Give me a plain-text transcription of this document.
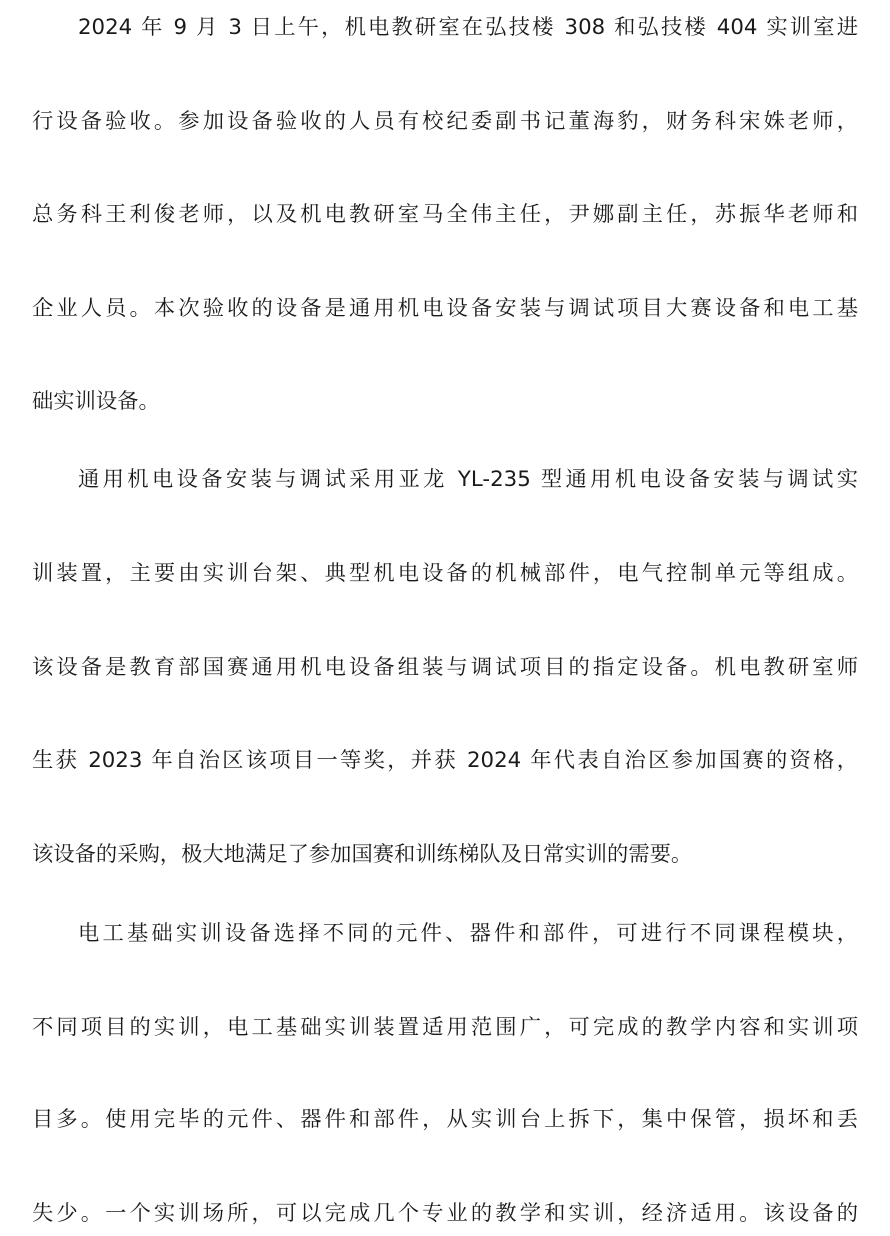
2024 年 9 月 3 日上午，机电教研室在弘技楼 308 和弘技楼 404 实训室进
行设备验收。参加设备验收的人员有校纪委副书记董海豹，财务科宋姝老师，
总务科王利俊老师，以及机电教研室马全伟主任，尹娜副主任，苏振华老师和
企业人员。本次验收的设备是通用机电设备安装与调试项目大赛设备和电工基
础实训设备。
通用机电设备安装与调试采用亚龙 YL-235 型通用机电设备安装与调试实
训装置，主要由实训台架、典型机电设备的机械部件，电气控制单元等组成。
该设备是教育部国赛通用机电设备组装与调试项目的指定设备。机电教研室师
生获 2023 年自治区该项目一等奖，并获 2024 年代表自治区参加国赛的资格，
该设备的采购，极大地满足了参加国赛和训练梯队及日常实训的需要。
电工基础实训设备选择不同的元件、器件和部件，可进行不同课程模块，
不同项目的实训，电工基础实训装置适用范围广，可完成的教学内容和实训项
目多。使用完毕的元件、器件和部件，从实训台上拆下，集中保管，损坏和丢
失少。一个实训场所，可以完成几个专业的教学和实训，经济适用。该设备的
